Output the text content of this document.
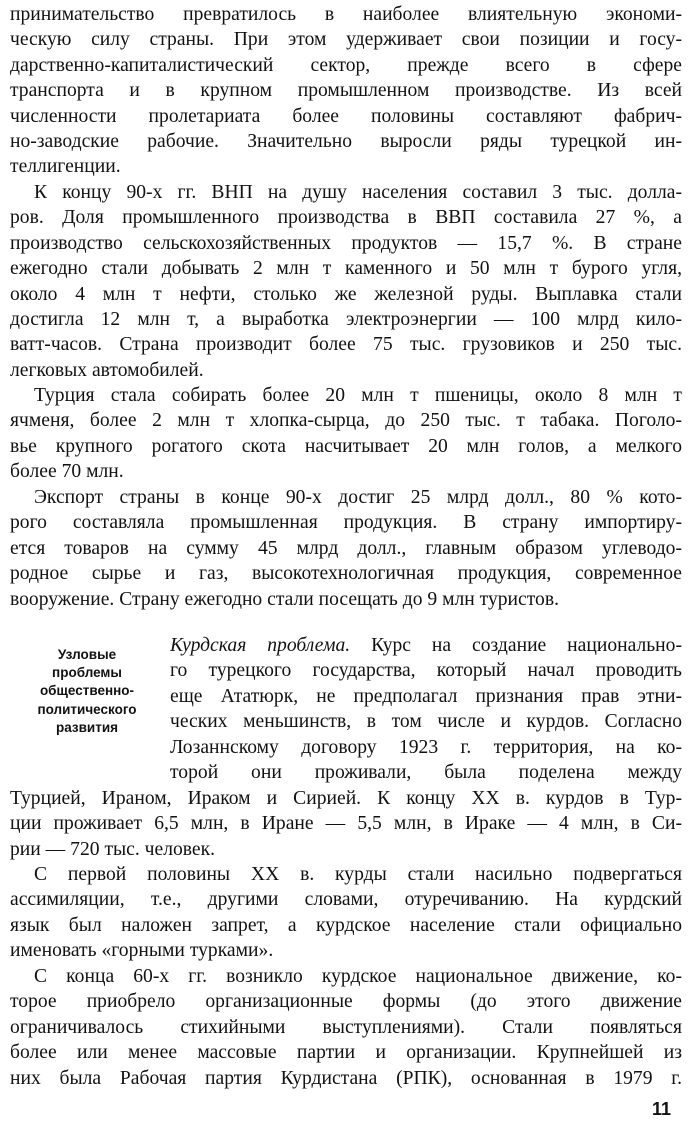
принимательство превратилось в наиболее влиятельную экономи-
ческую силу страны. При этом удерживает свои позиции и госу-
дарственно-капиталистический сектор, прежде всего в сфере
транспорта и в крупном промышленном производстве. Из всей
численности пролетариата более половины составляют фабрич-
но-заводские рабочие. Значительно выросли ряды турецкой ин-
теллигенции.
К концу 90-х гг. ВНП на душу населения составил 3 тыс. долла-
ров. Доля промышленного производства в ВВП составила 27 %, а
производство сельскохозяйственных продуктов — 15,7 %. В стране
ежегодно стали добывать 2 млн т каменного и 50 млн т бурого угля,
около 4 млн т нефти, столько же железной руды. Выплавка стали
достигла 12 млн т, а выработка электроэнергии — 100 млрд кило-
ватт-часов. Страна производит более 75 тыс. грузовиков и 250 тыс.
легковых автомобилей.
Турция стала собирать более 20 млн т пшеницы, около 8 млн т
ячменя, более 2 млн т хлопка-сырца, до 250 тыс. т табака. Поголо-
вье крупного рогатого скота насчитывает 20 млн голов, а мелкого
более 70 млн.
Экспорт страны в конце 90-х достиг 25 млрд долл., 80 % кото-
рого составляла промышленная продукция. В страну импортиру-
ется товаров на сумму 45 млрд долл., главным образом углеводо-
родное сырье и газ, высокотехнологичная продукция, современное
вооружение. Страну ежегодно стали посещать до 9 млн туристов.
Узловые
проблемы
общественно-
политического
развития
Курдская проблема. Курс на создание национально-
го турецкого государства, который начал проводить
еще Ататюрк, не предполагал признания прав этни-
ческих меньшинств, в том числе и курдов. Согласно
Лозаннскому договору 1923 г. территория, на ко-
торой они проживали, была поделена между
Турцией, Ираном, Ираком и Сирией. К концу XX в. курдов в Тур-
ции проживает 6,5 млн, в Иране — 5,5 млн, в Ираке — 4 млн, в Си-
рии — 720 тыс. человек.
С первой половины XX в. курды стали насильно подвергаться
ассимиляции, т.е., другими словами, отуречиванию. На курдский
язык был наложен запрет, а курдское население стали официально
именовать «горными турками».
С конца 60-х гг. возникло курдское национальное движение, ко-
торое приобрело организационные формы (до этого движение
ограничивалось стихийными выступлениями). Стали появляться
более или менее массовые партии и организации. Крупнейшей из
них была Рабочая партия Курдистана (РПК), основанная в 1979 г.
11
